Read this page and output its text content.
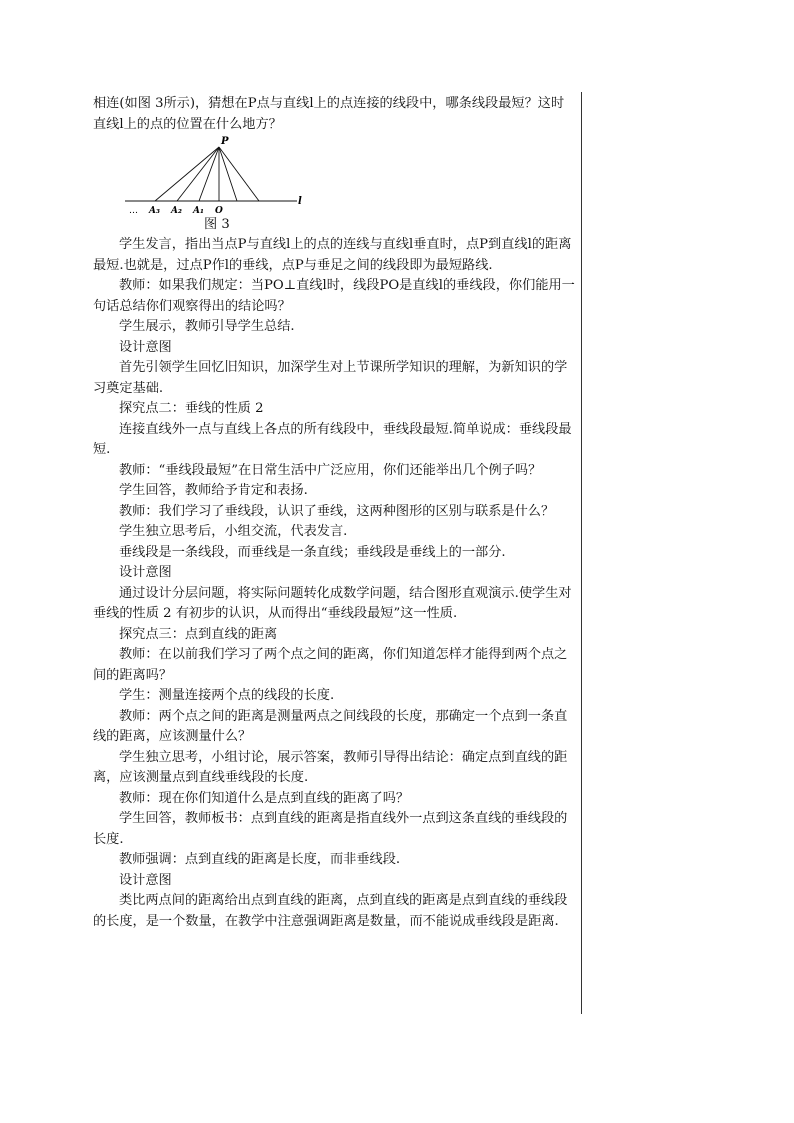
相连(如图 3所示)，猜想在P点与直线l上的点连接的线段中，哪条线段最短？这时直线l上的点的位置在什么地方？

P
l
… A₃ A₂ A₁ O
图 3

学生发言，指出当点P与直线l上的点的连线与直线l垂直时，点P到直线l的距离最短.也就是，过点P作l的垂线，点P与垂足之间的线段即为最短路线.

教师：如果我们规定：当PO⊥直线l时，线段PO是直线l的垂线段，你们能用一句话总结你们观察得出的结论吗？

学生展示，教师引导学生总结.

设计意图

首先引领学生回忆旧知识，加深学生对上节课所学知识的理解，为新知识的学习奠定基础.

探究点二：垂线的性质 2

连接直线外一点与直线上各点的所有线段中，垂线段最短.简单说成：垂线段最短.

教师：“垂线段最短”在日常生活中广泛应用，你们还能举出几个例子吗？

学生回答，教师给予肯定和表扬.

教师：我们学习了垂线段，认识了垂线，这两种图形的区别与联系是什么？

学生独立思考后，小组交流，代表发言.

垂线段是一条线段，而垂线是一条直线；垂线段是垂线上的一部分.

设计意图

通过设计分层问题，将实际问题转化成数学问题，结合图形直观演示.使学生对垂线的性质 2 有初步的认识，从而得出“垂线段最短”这一性质.

探究点三：点到直线的距离

教师：在以前我们学习了两个点之间的距离，你们知道怎样才能得到两个点之间的距离吗？

学生：测量连接两个点的线段的长度.

教师：两个点之间的距离是测量两点之间线段的长度，那确定一个点到一条直线的距离，应该测量什么？

学生独立思考，小组讨论，展示答案，教师引导得出结论：确定点到直线的距离，应该测量点到直线垂线段的长度.

教师：现在你们知道什么是点到直线的距离了吗？

学生回答，教师板书：点到直线的距离是指直线外一点到这条直线的垂线段的长度.

教师强调：点到直线的距离是长度，而非垂线段.

设计意图

类比两点间的距离给出点到直线的距离，点到直线的距离是点到直线的垂线段的长度，是一个数量，在教学中注意强调距离是数量，而不能说成垂线段是距离.
